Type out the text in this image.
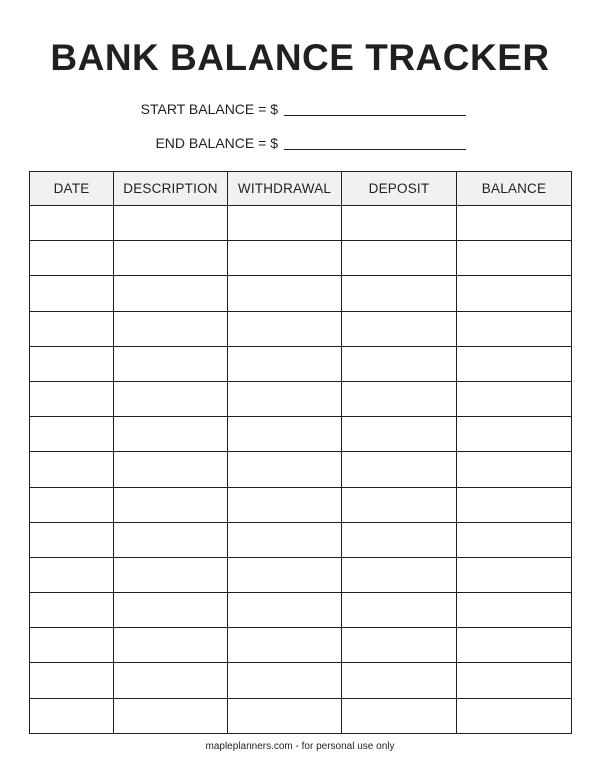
BANK BALANCE TRACKER
START BALANCE = $
END BALANCE = $
DATE	DESCRIPTION	WITHDRAWAL	DEPOSIT	BALANCE

mapleplanners.com - for personal use only
